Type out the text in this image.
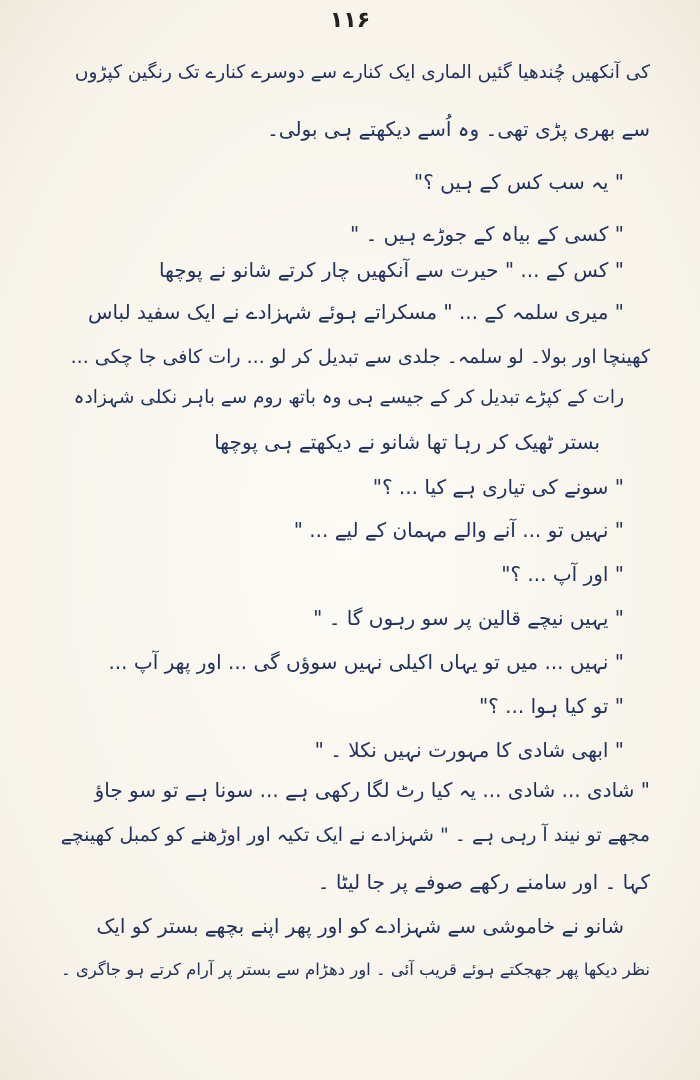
۱۱۶
کی آنکھیں چُندھیا گئیں الماری ایک کنارے سے دوسرے کنارے تک رنگین کپڑوں
سے بھری پڑی تھی۔ وہ اُسے دیکھتے ہی بولی۔
" یہ سب کس کے ہیں ؟"
" کسی کے بیاہ کے جوڑے ہیں ۔ "
" کس کے ... " حیرت سے آنکھیں چار کرتے شانو نے پوچھا
" میری سلمہ کے ... " مسکراتے ہوئے شہزادے نے ایک سفید لباس
کھینچا اور بولا۔ لو سلمہ۔ جلدی سے تبدیل کر لو ... رات کافی جا چکی ...
رات کے کپڑے تبدیل کر کے جیسے ہی وہ باتھ روم سے باہر نکلی شہزادہ
بستر ٹھیک کر رہا تھا شانو نے دیکھتے ہی پوچھا
" سونے کی تیاری ہے کیا ... ؟"
" نہیں تو ... آنے والے مہمان کے لیے ... "
" اور آپ ... ؟"
" یہیں نیچے قالین پر سو رہوں گا ۔ "
" نہیں ... میں تو یہاں اکیلی نہیں سوؤں گی ... اور پھر آپ ...
" تو کیا ہوا ... ؟"
" ابھی شادی کا مہورت نہیں نکلا ۔ "
" شادی ... شادی ... یہ کیا رٹ لگا رکھی ہے ... سونا ہے تو سو جاؤ
مجھے تو نیند آ رہی ہے ۔ " شہزادے نے ایک تکیہ اور اوڑھنے کو کمبل کھینچے
کہا ۔ اور سامنے رکھے صوفے پر جا لیٹا ۔
شانو نے خاموشی سے شہزادے کو اور پھر اپنے بچھے بستر کو ایک
نظر دیکھا پھر جھجکتے ہوئے قریب آئی ۔ اور دھڑام سے بستر پر آرام کرتے ہو جاگری ۔
